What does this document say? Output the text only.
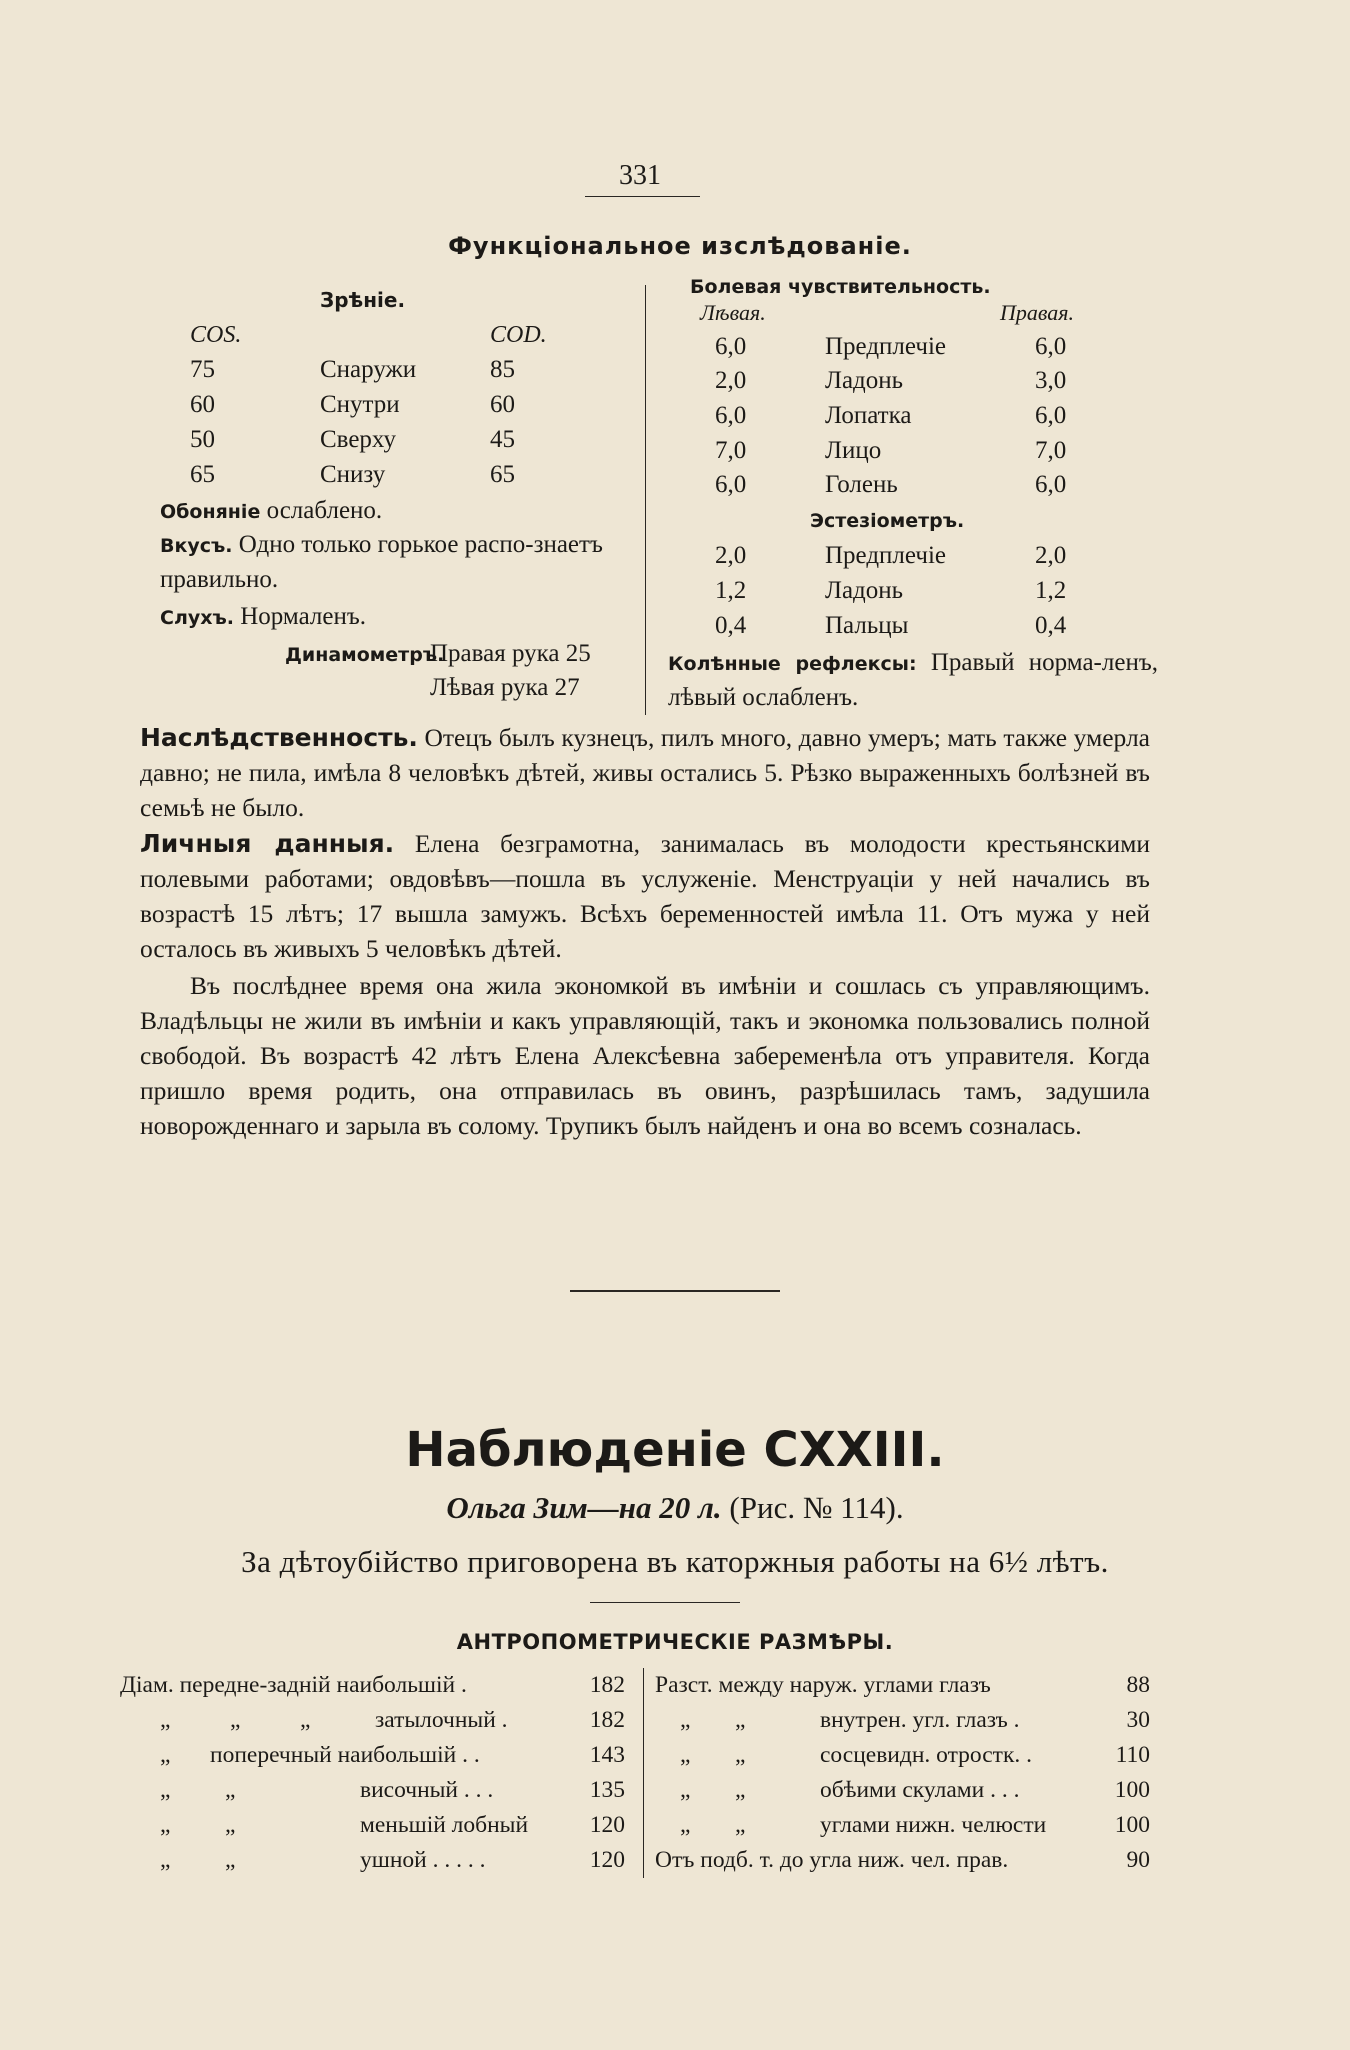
331
Функціональное изслѣдованіе.
Зрѣніе.
COS.	COD.
75	Снаружи	85
60	Снутри	60
50	Сверху	45
65	Снизу	65
Обоняніе ослаблено.
Вкусъ. Одно только горькое распо-знаетъ правильно.
Слухъ. Нормаленъ.
Динамометръ.
Правая рука 25
Лѣвая рука 27
Болевая чувствительность.
Лѣвая.	Правая.
6,0	Предплечіе	6,0
2,0	Ладонь	3,0
6,0	Лопатка	6,0
7,0	Лицо	7,0
6,0	Голень	6,0
Эстезіометръ.
2,0	Предплечіе	2,0
1,2	Ладонь	1,2
0,4	Пальцы	0,4
Колѣнные рефлексы: Правый норма-ленъ, лѣвый ослабленъ.
Наслѣдственность. Отецъ былъ кузнецъ, пилъ много, давно умеръ; мать также умерла давно; не пила, имѣла 8 человѣкъ дѣтей, живы остались 5. Рѣзко выраженныхъ болѣзней въ семьѣ не было.
Личныя данныя. Елена безграмотна, занималась въ молодости крестьянскими полевыми работами; овдовѣвъ—пошла въ услуженіе. Менструаціи у ней начались въ возрастѣ 15 лѣтъ; 17 вышла замужъ. Всѣхъ беременностей имѣла 11. Отъ мужа у ней осталось въ живыхъ 5 человѣкъ дѣтей.
Въ послѣднее время она жила экономкой въ имѣніи и сошлась съ управляющимъ. Владѣльцы не жили въ имѣніи и какъ управляющій, такъ и экономка пользовались полной свободой. Въ возрастѣ 42 лѣтъ Елена Алексѣевна забеременѣла отъ управителя. Когда пришло время родить, она отправилась въ овинъ, разрѣшилась тамъ, задушила новорожденнаго и зарыла въ солому. Трупикъ былъ найденъ и она во всемъ созналась.
Наблюденіе CXXIII.
Ольга Зим—на 20 л. (Рис. № 114).
За дѣтоубійство приговорена въ каторжныя работы на 6½ лѣтъ.
АНТРОПОМЕТРИЧЕСКІЕ РАЗМѢРЫ.
Діам. передне-задній наибольшій .	182
„	„	„	затылочный .	182
„ поперечный наибольшій . .	143
„ „	височный . . .	135
„ „	меньшій лобный	120
„ „	ушной . . . . .	120
Разст. между наруж. углами глазъ	88
„ „	внутрен. угл. глазъ .	30
„ „	сосцевидн. отростк. .	110
„ „	обѣими скулами . . .	100
„ „	углами нижн. челюсти	100
Отъ подб. т. до угла ниж. чел. прав.	90
